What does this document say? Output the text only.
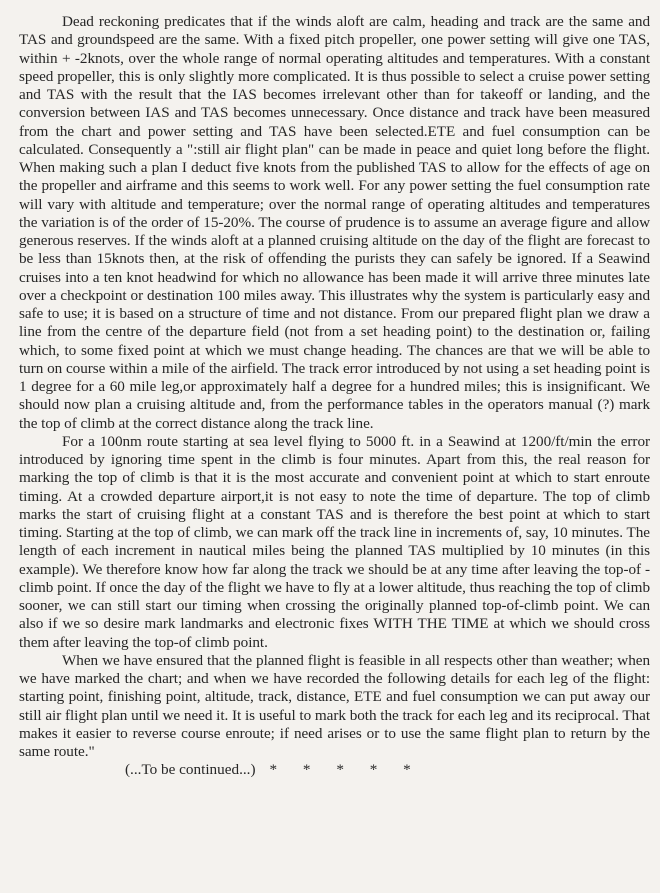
Dead reckoning predicates that if the winds aloft are calm, heading and track are the same and TAS and groundspeed are the same. With a fixed pitch propeller, one power setting will give one TAS, within + -2knots, over the whole range of normal operating altitudes and temperatures. With a constant speed propeller, this is only slightly more complicated. It is thus possible to select a cruise power setting and TAS with the result that the IAS becomes irrelevant other than for takeoff or landing, and the conversion between IAS and TAS becomes unnecessary. Once distance and track have been measured from the chart and power setting and TAS have been selected.ETE and fuel consumption can be calculated. Consequently a ":still air flight plan" can be made in peace and quiet long before the flight. When making such a plan I deduct five knots from the published TAS to allow for the effects of age on the propeller and airframe and this seems to work well. For any power setting the fuel consumption rate will vary with altitude and temperature; over the normal range of operating altitudes and temperatures the variation is of the order of 15-20%. The course of prudence is to assume an average figure and allow generous reserves. If the winds aloft at a planned cruising altitude on the day of the flight are forecast to be less than 15knots then, at the risk of offending the purists they can safely be ignored. If a Seawind cruises into a ten knot headwind for which no allowance has been made it will arrive three minutes late over a checkpoint or destination 100 miles away. This illustrates why the system is particularly easy and safe to use; it is based on a structure of time and not distance. From our prepared flight plan we draw a line from the centre of the departure field (not from a set heading point) to the destination or, failing which, to some fixed point at which we must change heading. The chances are that we will be able to turn on course within a mile of the airfield. The track error introduced by not using a set heading point is 1 degree for a 60 mile leg,or approximately half a degree for a hundred miles; this is insignificant. We should now plan a cruising altitude and, from the performance tables in the operators manual (?) mark the top of climb at the correct distance along the track line.

For a 100nm route starting at sea level flying to 5000 ft. in a Seawind at 1200/ft/min the error introduced by ignoring time spent in the climb is four minutes. Apart from this, the real reason for marking the top of climb is that it is the most accurate and convenient point at which to start enroute timing. At a crowded departure airport,it is not easy to note the time of departure. The top of climb marks the start of cruising flight at a constant TAS and is therefore the best point at which to start timing. Starting at the top of climb, we can mark off the track line in increments of, say, 10 minutes. The length of each increment in nautical miles being the planned TAS multiplied by 10 minutes (in this example). We therefore know how far along the track we should be at any time after leaving the top-of - climb point. If once the day of the flight we have to fly at a lower altitude, thus reaching the top of climb sooner, we can still start our timing when crossing the originally planned top-of-climb point. We can also if we so desire mark landmarks and electronic fixes WITH THE TIME at which we should cross them after leaving the top-of climb point.

When we have ensured that the planned flight is feasible in all respects other than weather; when we have marked the chart; and when we have recorded the following details for each leg of the flight: starting point, finishing point, altitude, track, distance, ETE and fuel consumption we can put away our still air flight plan until we need it. It is useful to mark both the track for each leg and its reciprocal. That makes it easier to reverse course enroute; if need arises or to use the same flight plan to return by the same route."

(...To be continued...) * * * * *
